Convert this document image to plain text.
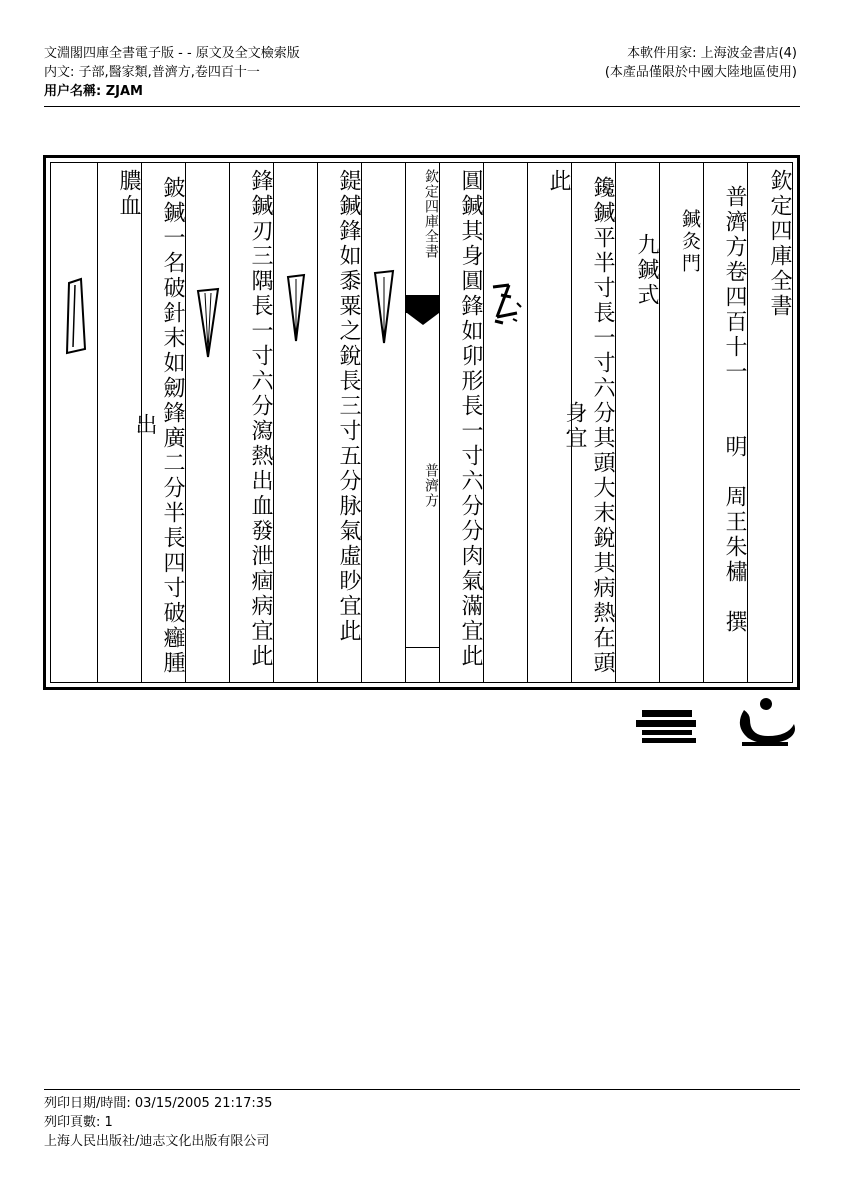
文淵閣四庫全書電子版 - - 原文及全文檢索版
内文: 子部,醫家類,普濟方,卷四百十一
用户名稱: ZJAM
本軟件用家: 上海波金書店(4)
(本產品僅限於中國大陸地區使用)
膿血 鈹鍼一名破針末如劒鋒廣二分半長四寸破癰腫出	鋒鍼刃三隅長一寸六分瀉熱出血發泄痼病宜此	鍉鍼鋒如黍粟之銳長三寸五分脉氣虛眇宜此	欽定四庫全書
普濟方 圓鍼其身圓鋒如卯形長一寸六分分肉氣滿宜此	此 鑱鍼平半寸長一寸六分其頭大末銳其病熱在頭身宜
九鍼式	鍼灸門 普濟方卷四百十一　　明　周王朱橚　撰 欽定四庫全書
列印日期/時間: 03/15/2005 21:17:35
列印頁數: 1
上海人民出版社/迪志文化出版有限公司
